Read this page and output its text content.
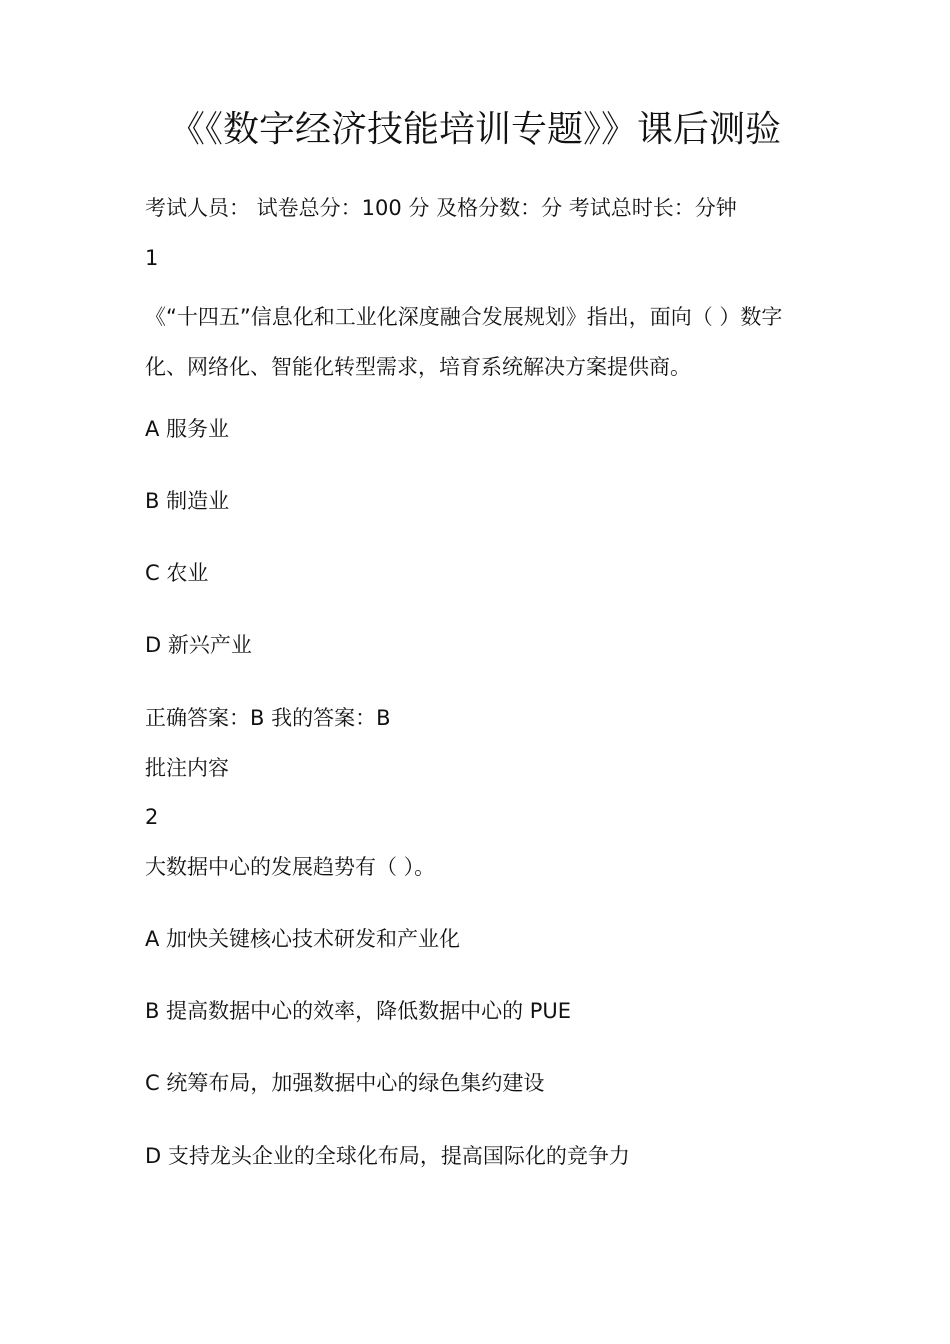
《《数字经济技能培训专题》》课后测验
考试人员： 试卷总分：100 分 及格分数：分 考试总时长：分钟
1
《“十四五”信息化和工业化深度融合发展规划》指出，面向（ ）数字化、网络化、智能化转型需求，培育系统解决方案提供商。
A 服务业
B 制造业
C 农业
D 新兴产业
正确答案：B 我的答案：B
批注内容
2
大数据中心的发展趋势有（ ）。
A 加快关键核心技术研发和产业化
B 提高数据中心的效率，降低数据中心的 PUE
C 统筹布局，加强数据中心的绿色集约建设
D 支持龙头企业的全球化布局，提高国际化的竞争力
